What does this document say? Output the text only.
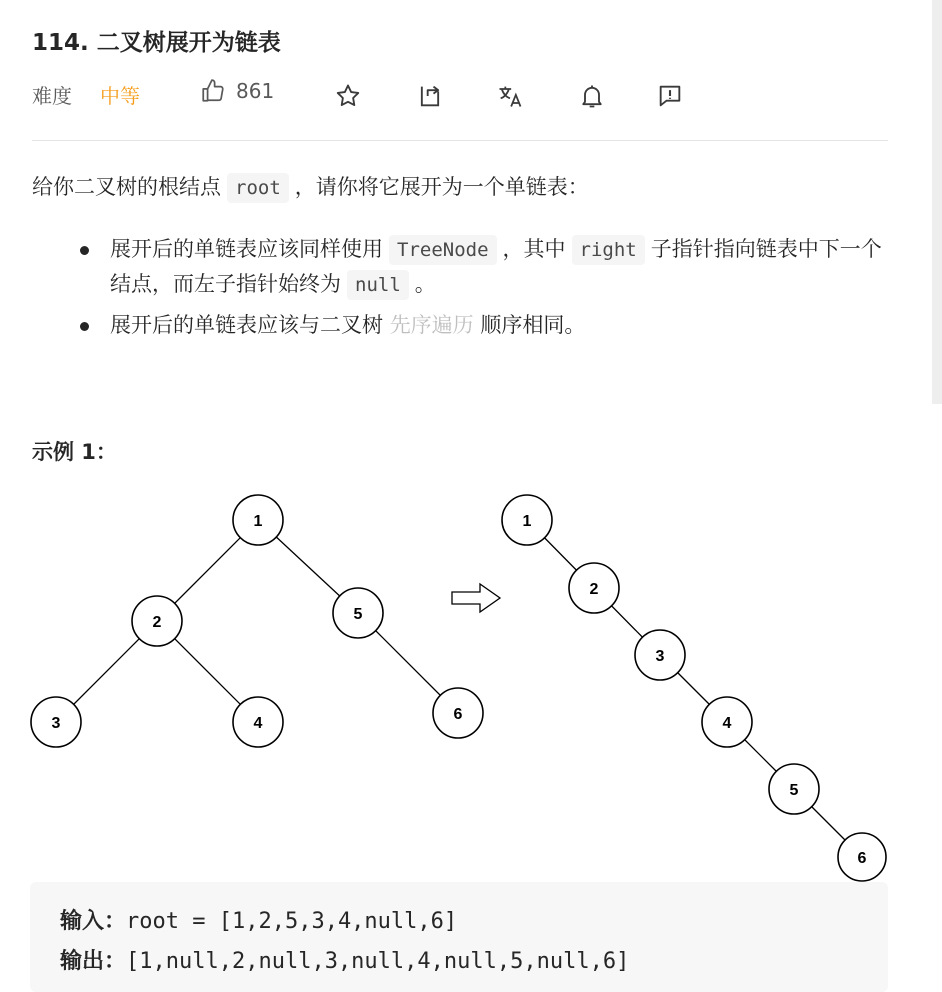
114. 二叉树展开为链表
难度 中等	861
给你二叉树的根结点 root ，请你将它展开为一个单链表：
展开后的单链表应该同样使用 TreeNode ，其中 right 子指针指向链表中下一个结点，而左子指针始终为 null 。
展开后的单链表应该与二叉树 先序遍历 顺序相同。
示例 1：
1
2	5
3	4
6
1
2
3
4
5
6
输入：root = [1,2,5,3,4,null,6]
输出：[1,null,2,null,3,null,4,null,5,null,6]
